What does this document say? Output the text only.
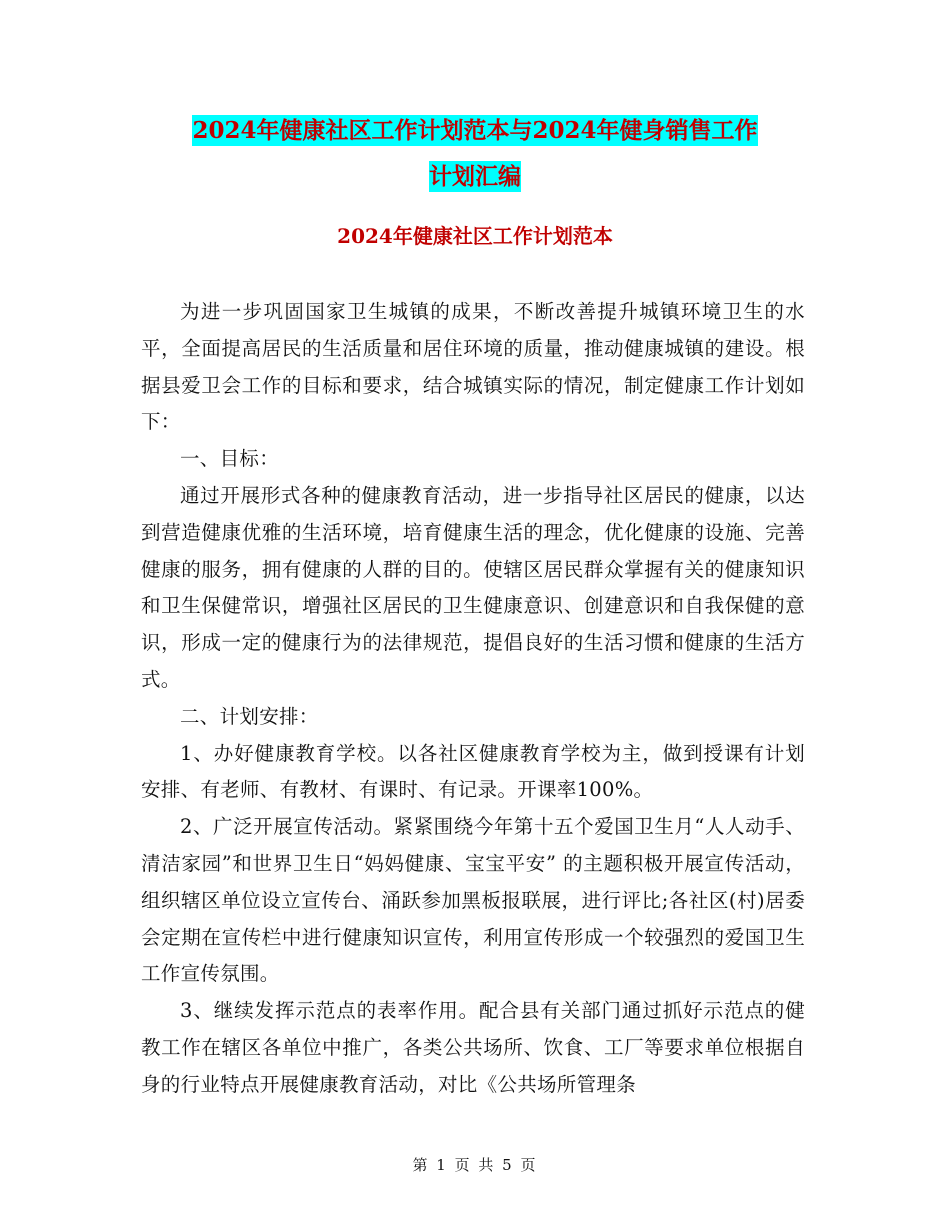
2024年健康社区工作计划范本与2024年健身销售工作
计划汇编
2024年健康社区工作计划范本

为进一步巩固国家卫生城镇的成果，不断改善提升城镇环境卫生的水平，全面提高居民的生活质量和居住环境的质量，推动健康城镇的建设。根据县爱卫会工作的目标和要求，结合城镇实际的情况，制定健康工作计划如下：

一、目标：

通过开展形式各种的健康教育活动，进一步指导社区居民的健康，以达到营造健康优雅的生活环境，培育健康生活的理念，优化健康的设施、完善健康的服务，拥有健康的人群的目的。使辖区居民群众掌握有关的健康知识和卫生保健常识，增强社区居民的卫生健康意识、创建意识和自我保健的意识，形成一定的健康行为的法律规范，提倡良好的生活习惯和健康的生活方式。

二、计划安排：

1、办好健康教育学校。以各社区健康教育学校为主，做到授课有计划安排、有老师、有教材、有课时、有记录。开课率100%。

2、广泛开展宣传活动。紧紧围绕今年第十五个爱国卫生月“人人动手、清洁家园”和世界卫生日“妈妈健康、宝宝平安” 的主题积极开展宣传活动，组织辖区单位设立宣传台、涌跃参加黑板报联展，进行评比;各社区(村)居委会定期在宣传栏中进行健康知识宣传，利用宣传形成一个较强烈的爱国卫生工作宣传氛围。

3、继续发挥示范点的表率作用。配合县有关部门通过抓好示范点的健教工作在辖区各单位中推广，各类公共场所、饮食、工厂等要求单位根据自身的行业特点开展健康教育活动，对比《公共场所管理条

第 1 页 共 5 页
